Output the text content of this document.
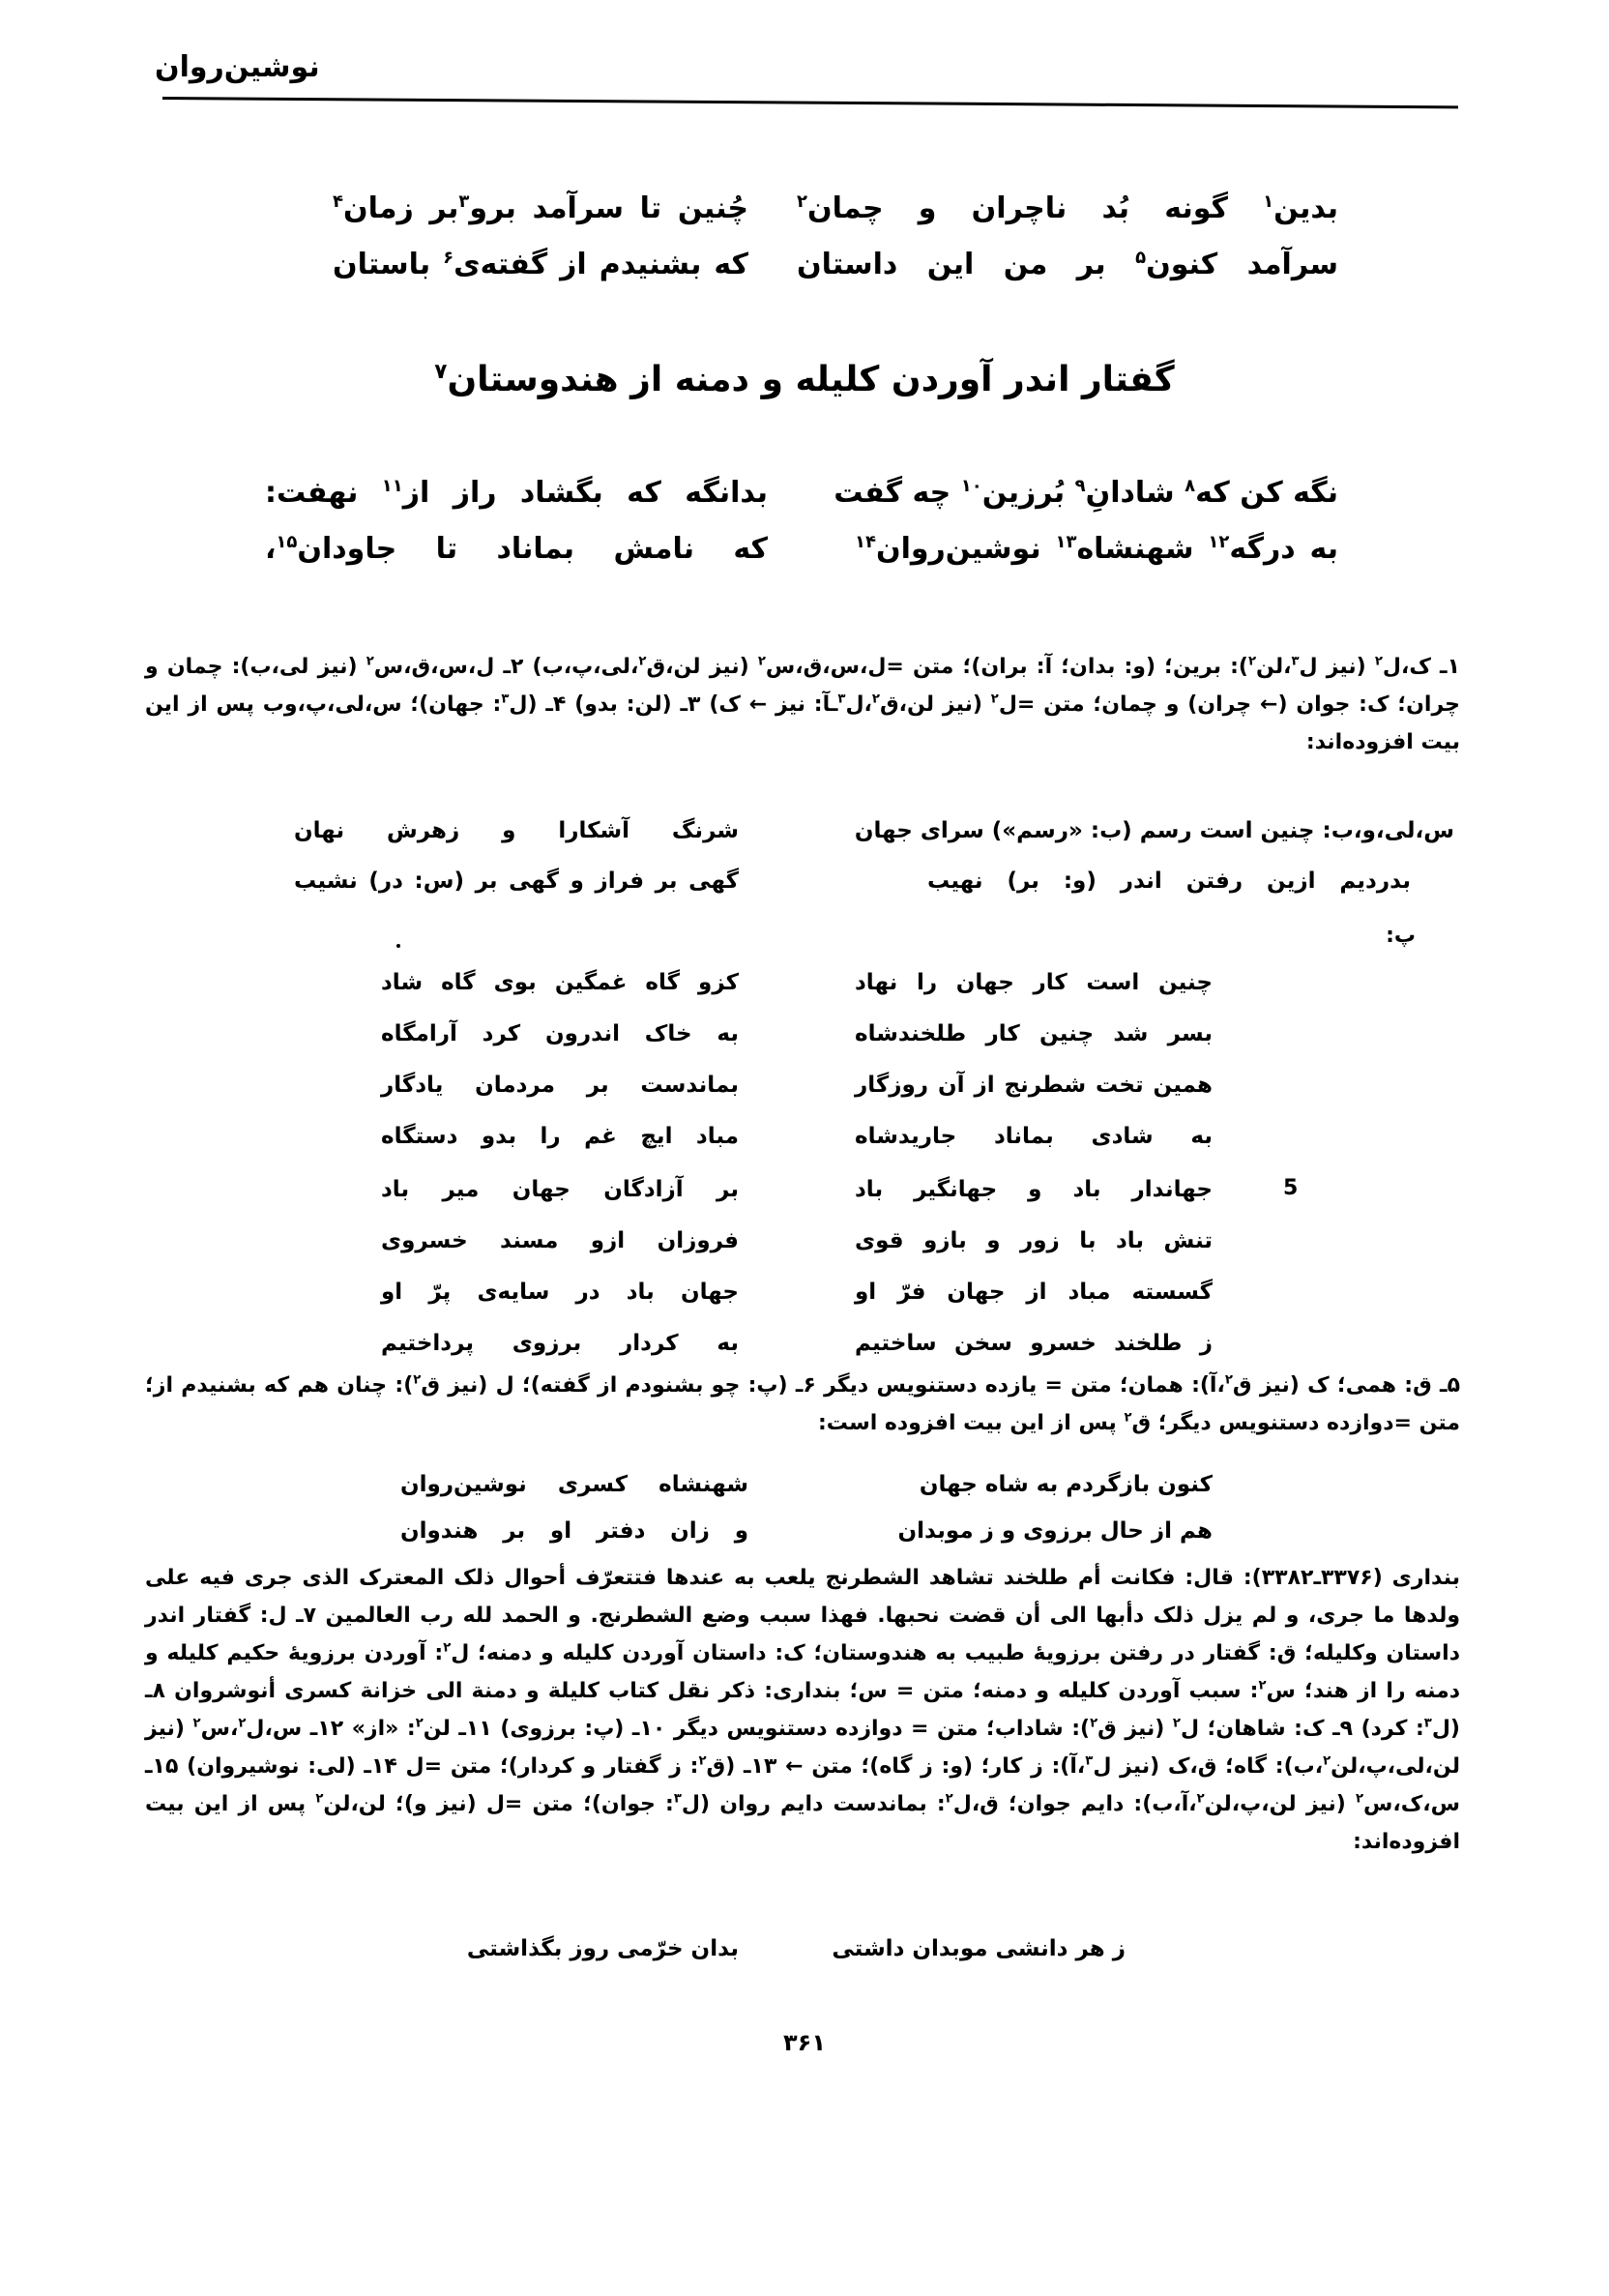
نوشین‌روان
بدین$^۱$ گونه بُد ناچران و چمان$^۲$
چُنین تا سرآمد برو$^۳$بر زمان$^۴$
سرآمد کنون$^۵$ بر من این داستان
که بشنیدم از گفته‌ی$^۶$ باستان
گفتار اندر آوردن کلیله و دمنه از هندوستان$^۷$
نگه کن که$^۸$ شادانِ$^۹$ بُرزین$^{۱۰}$ چه گفت
بدانگه که بگشاد راز از$^{۱۱}$ نهفت:
به درگه$^{۱۲}$ شهنشاه$^{۱۳}$ نوشین‌روان$^{۱۴}$
که نامش بماناد تا جاودان$^{۱۵}$،
۱ـ ک،ل$^۲$ (نیز ل$^۳$،لن$^۲$): برین؛ (و: بدان؛ آ: بران)؛ متن =ل،س،ق،س$^۲$ (نیز لن،ق$^۲$،لی،پ،ب) ۲ـ ل،س،ق،س$^۲$ (نیز لی،ب): چمان و چران؛ ک: جوان (← چران) و چمان؛ متن =ل$^۲$ (نیز لن،ق$^۲$،ل$^۳$ـآ: نیز ← ک) ۳ـ (لن: بدو) ۴ـ (ل$^۳$: جهان)؛ س،لی،پ،وب پس از این بیت افزوده‌اند:
س،لی،و،ب: چنین است رسم (ب: «رسم») سرای جهان
شرنگ آشکارا و زهرش نهان
بدردیم ازین رفتن اندر (و: بر) نهیب
گهی بر فراز و گهی بر (س: در) نشیب
پ:
چنین است کار جهان را نهاد
کزو گاه غمگین بوی گاه شاد
بسر شد چنین کار طلخندشاه
به خاک اندرون کرد آرامگاه
همین تخت شطرنج از آن روزگار
بماندست بر مردمان یادگار
به شادی بماناد جاریدشاه
مباد ایچ غم را بدو دستگاه
جهاندار باد و جهانگیر باد
بر آزادگان جهان میر باد	5
تنش باد با زور و بازو قوی
فروزان ازو مسند خسروی
گسسته مباد از جهان فرّ او
جهان باد در سایه‌ی پرّ او
ز طلخند خسرو سخن ساختیم
به کردار برزوی پرداختیم
۵ـ ق: همی؛ ک (نیز ق$^۲$،آ): همان؛ متن = یازده دستنویس دیگر ۶ـ (پ: چو بشنودم از گفته)؛ ل (نیز ق$^۲$): چنان هم که بشنیدم از؛ متن =دوازده دستنویس دیگر؛ ق$^۲$ پس از این بیت افزوده است:
کنون بازگردم به شاه جهان
شهنشاه کسری نوشین‌روان
هم از حال برزوی و ز موبدان
و زان دفتر او بر هندوان
بنداری (۳۳۷۶ـ۳۳۸۲): قال: فکانت أم طلخند تشاهد الشطرنج یلعب به عندها فتتعرّف أحوال ذلک المعترک الذی جری فیه علی ولدها ما جری، و لم یزل ذلک دأبها الی أن قضت نحبها. فهذا سبب وضع الشطرنج. و الحمد لله رب العالمین ۷ـ ل: گفتار اندر داستان وکلیله؛ ق: گفتار در رفتن برزویهٔ طبیب به هندوستان؛ ک: داستان آوردن کلیله و دمنه؛ ل$^۲$: آوردن برزویهٔ حکیم کلیله و دمنه را از هند؛ س$^۲$: سبب آوردن کلیله و دمنه؛ متن = س؛ بنداری: ذکر نقل کتاب کلیلة و دمنة الی خزانة کسری أنوشروان ۸ـ (ل$^۳$: کرد) ۹ـ ک: شاهان؛ ل$^۲$ (نیز ق$^۲$): شاداب؛ متن = دوازده دستنویس دیگر ۱۰ـ (پ: برزوی) ۱۱ـ لن$^۲$: «از» ۱۲ـ س،ل$^۲$،س$^۲$ (نیز لن،لی،پ،لن$^۲$،ب): گاه؛ ق،ک (نیز ل$^۳$،آ): ز کار؛ (و: ز گاه)؛ متن ← ۱۳ـ (ق$^۲$: ز گفتار و کردار)؛ متن =ل ۱۴ـ (لی: نوشیروان) ۱۵ـ س،ک،س$^۲$ (نیز لن،پ،لن$^۲$،آ،ب): دایم جوان؛ ق،ل$^۲$: بماندست دایم روان (ل$^۳$: جوان)؛ متن =ل (نیز و)؛ لن،لن$^۲$ پس از این بیت افزوده‌اند:
ز هر دانشی موبدان داشتی
بدان خرّمی روز بگذاشتی
۳۶۱
